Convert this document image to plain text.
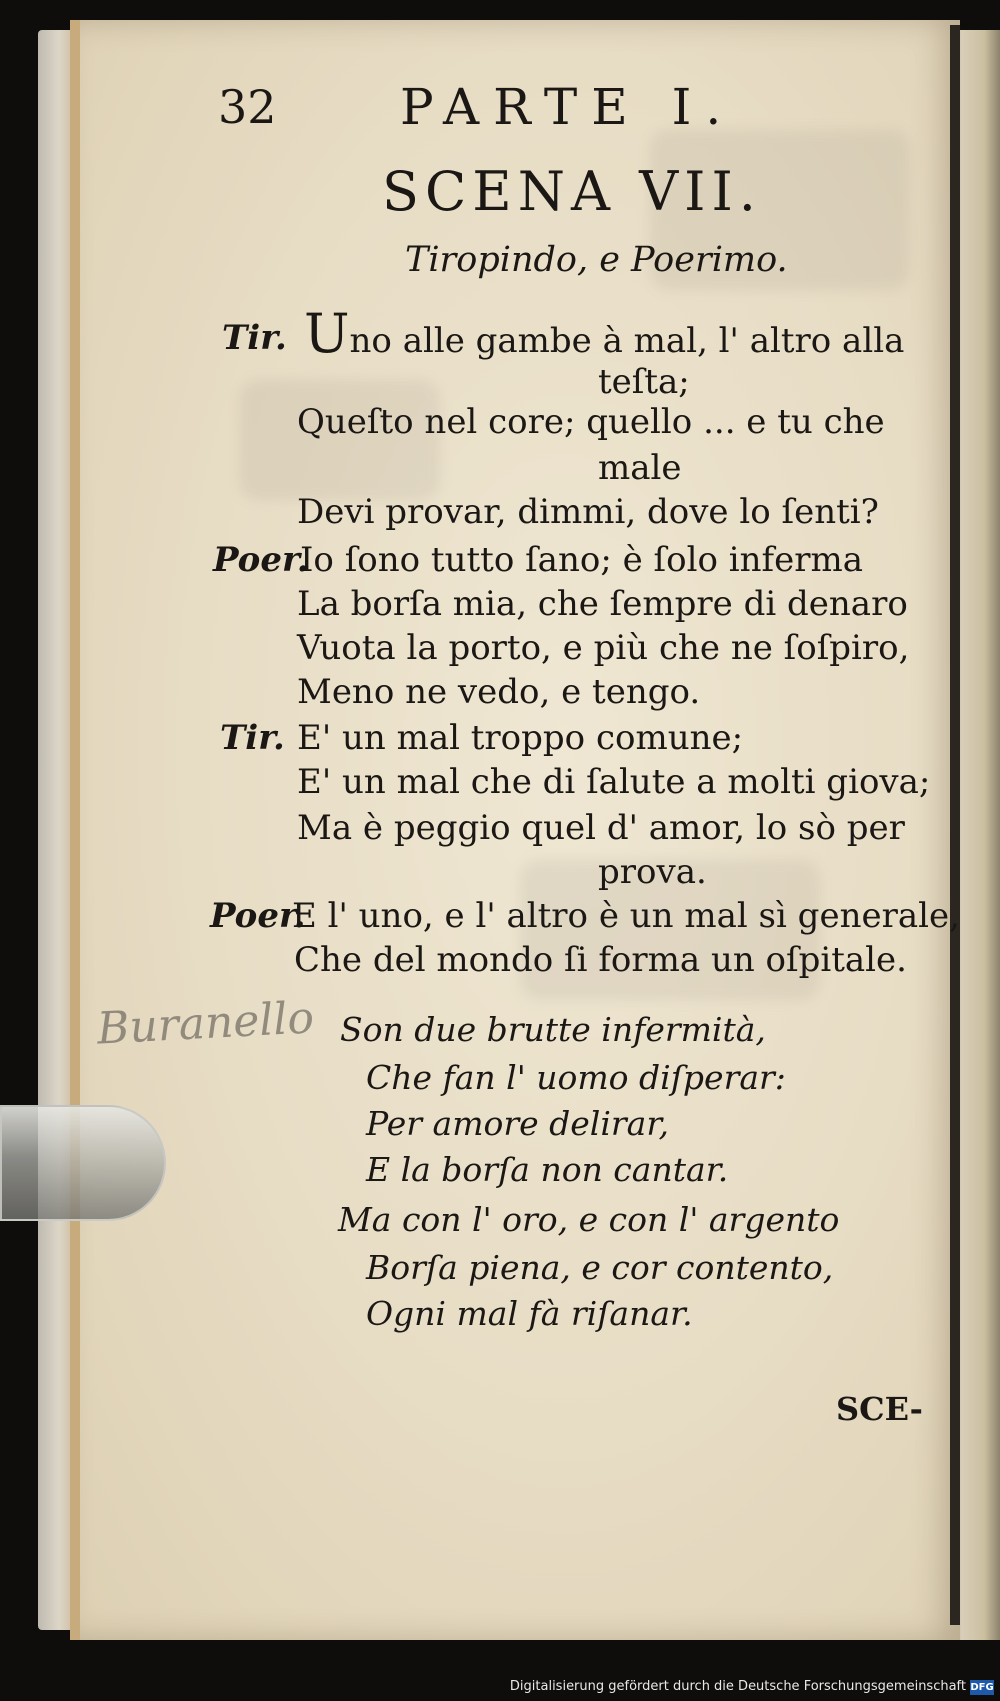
32 PARTE I.
SCENA VII.
Tiropindo, e Poerimo.
Tir. Uno alle gambe à mal, l' altro alla
teſta;
Queſto nel core; quello ... e tu che
male
Devi provar, dimmi, dove lo ſenti?
Poer.
Io ſono tutto ſano; è ſolo inferma
La borſa mia, che ſempre di denaro
Vuota la porto, e più che ne ſoſpiro,
Meno ne vedo, e tengo.
Tir. E' un mal troppo comune;
E' un mal che di ſalute a molti giova;
Ma è peggio quel d' amor, lo sò per
prova.
Poer.
E l' uno, e l' altro è un mal sì generale,
Che del mondo ſi forma un oſpitale.
Son due brutte infermità,
Che fan l' uomo diſperar:
Per amore delirar,
E la borſa non cantar.
Ma con l' oro, e con l' argento
Borſa piena, e cor contento,
Ogni mal fà riſanar.
SCE-
Buranello
Digitalisierung gefördert durch die Deutsche Forschungsgemeinschaft DFG
